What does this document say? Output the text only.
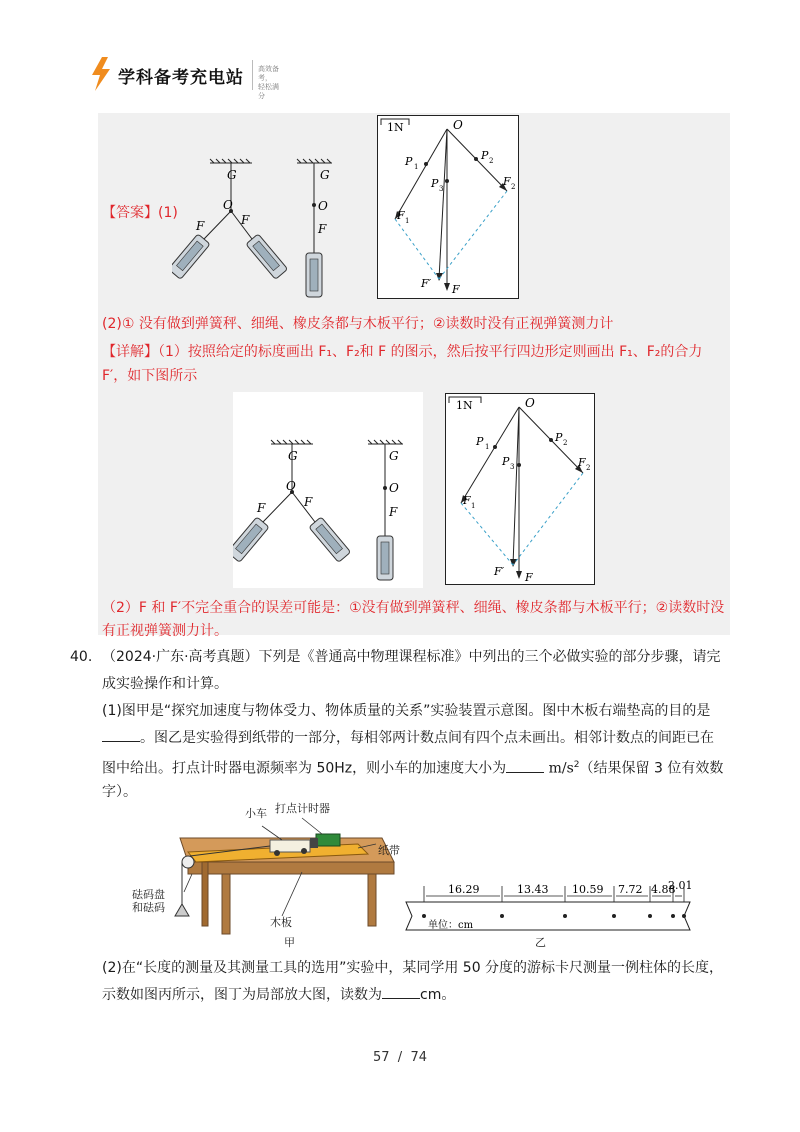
学科备考充电站 高效备考，
轻松满分
G
O
F	F
G
O
F
1N	O
P 1
P 2
P 3
F 2
F 1
F′ F
【答案】(1)
(2)① 没有做到弹簧秤、细绳、橡皮条都与木板平行；②读数时没有正视弹簧测力计
【详解】（1）按照给定的标度画出 F₁、F₂和 F 的图示，然后按平行四边形定则画出 F₁、F₂的合力
F′，如下图所示
G
O
F	F
G
O
F
1N	O
P 1
P 2
P 3	F 2
F 1
F′ F
（2）F 和 F′不完全重合的误差可能是：①没有做到弹簧秤、细绳、橡皮条都与木板平行；②读数时没
有正视弹簧测力计。
40. （2024·广东·高考真题）下列是《普通高中物理课程标准》中列出的三个必做实验的部分步骤，请完
成实验操作和计算。
(1)图甲是“探究加速度与物体受力、物体质量的关系”实验装置示意图。图中木板右端垫高的目的是
。图乙是实验得到纸带的一部分，每相邻两计数点间有四个点未画出。相邻计数点的间距已在
图中给出。打点计时器电源频率为 50Hz，则小车的加速度大小为	$m/s^2$（结果保留 3 位有效数
字）。
小车 打点计时器
纸带
砝码盘
和砝码
木板
甲
16.29	13.43 10.59 7.72 4.88
2.01
单位：cm
乙
(2)在“长度的测量及其测量工具的选用”实验中，某同学用 50 分度的游标卡尺测量一例柱体的长度，
示数如图丙所示，图丁为局部放大图，读数为	cm。
57  /  74
